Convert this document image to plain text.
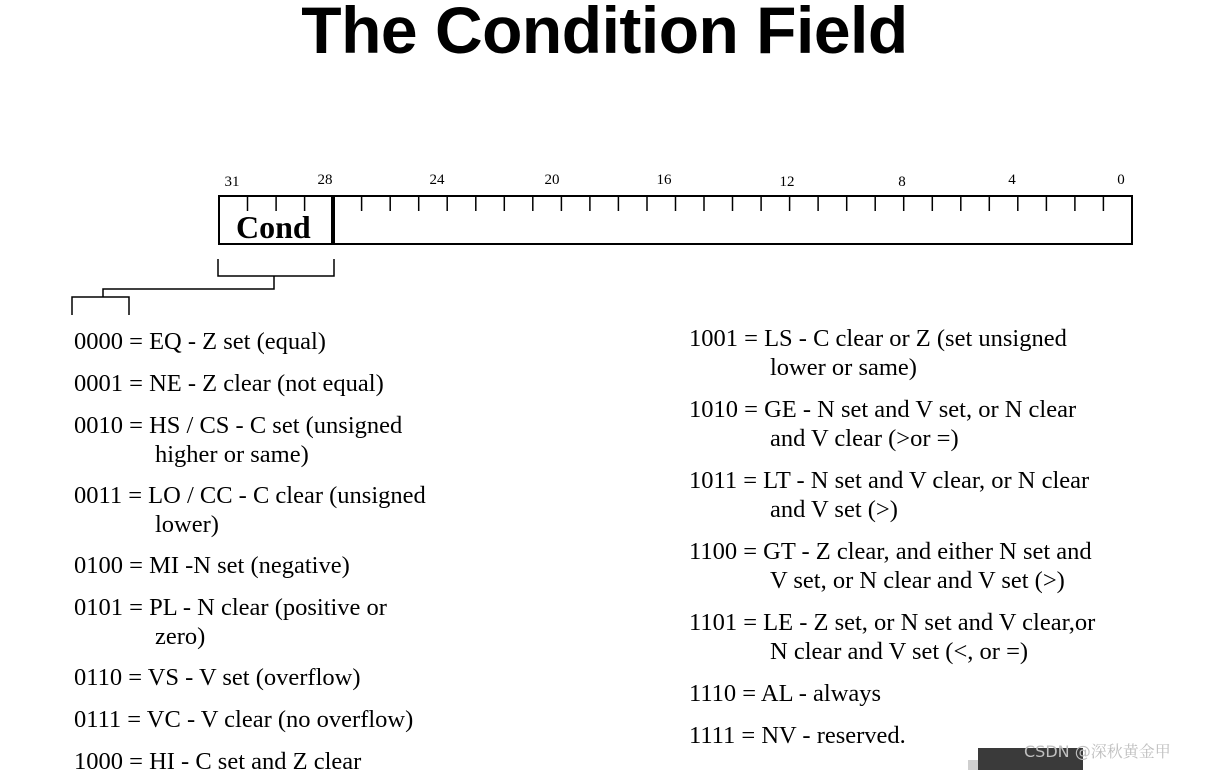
The Condition Field
31	28	24	20	16	12	8	4	0
Cond
0000 = EQ - Z set (equal)
0001 = NE - Z clear (not equal)
0010 = HS / CS - C set (unsigned
higher or same)
0011 = LO / CC - C clear (unsigned
lower)
0100 = MI -N set (negative)
0101 = PL - N clear (positive or
zero)
0110 = VS - V set (overflow)
0111 = VC - V clear (no overflow)
1000 = HI - C set and Z clear
1001 = LS - C clear or Z (set unsigned
lower or same)
1010 = GE - N set and V set, or N clear
and V clear (>or =)
1011 = LT - N set and V clear, or N clear
and V set (>)
1100 = GT - Z clear, and either N set and
V set, or N clear and V set (>)
1101 = LE - Z set, or N set and V clear,or
N clear and V set (<, or =)
1110 = AL - always
1111 = NV - reserved.
CSDN @深秋黄金甲
